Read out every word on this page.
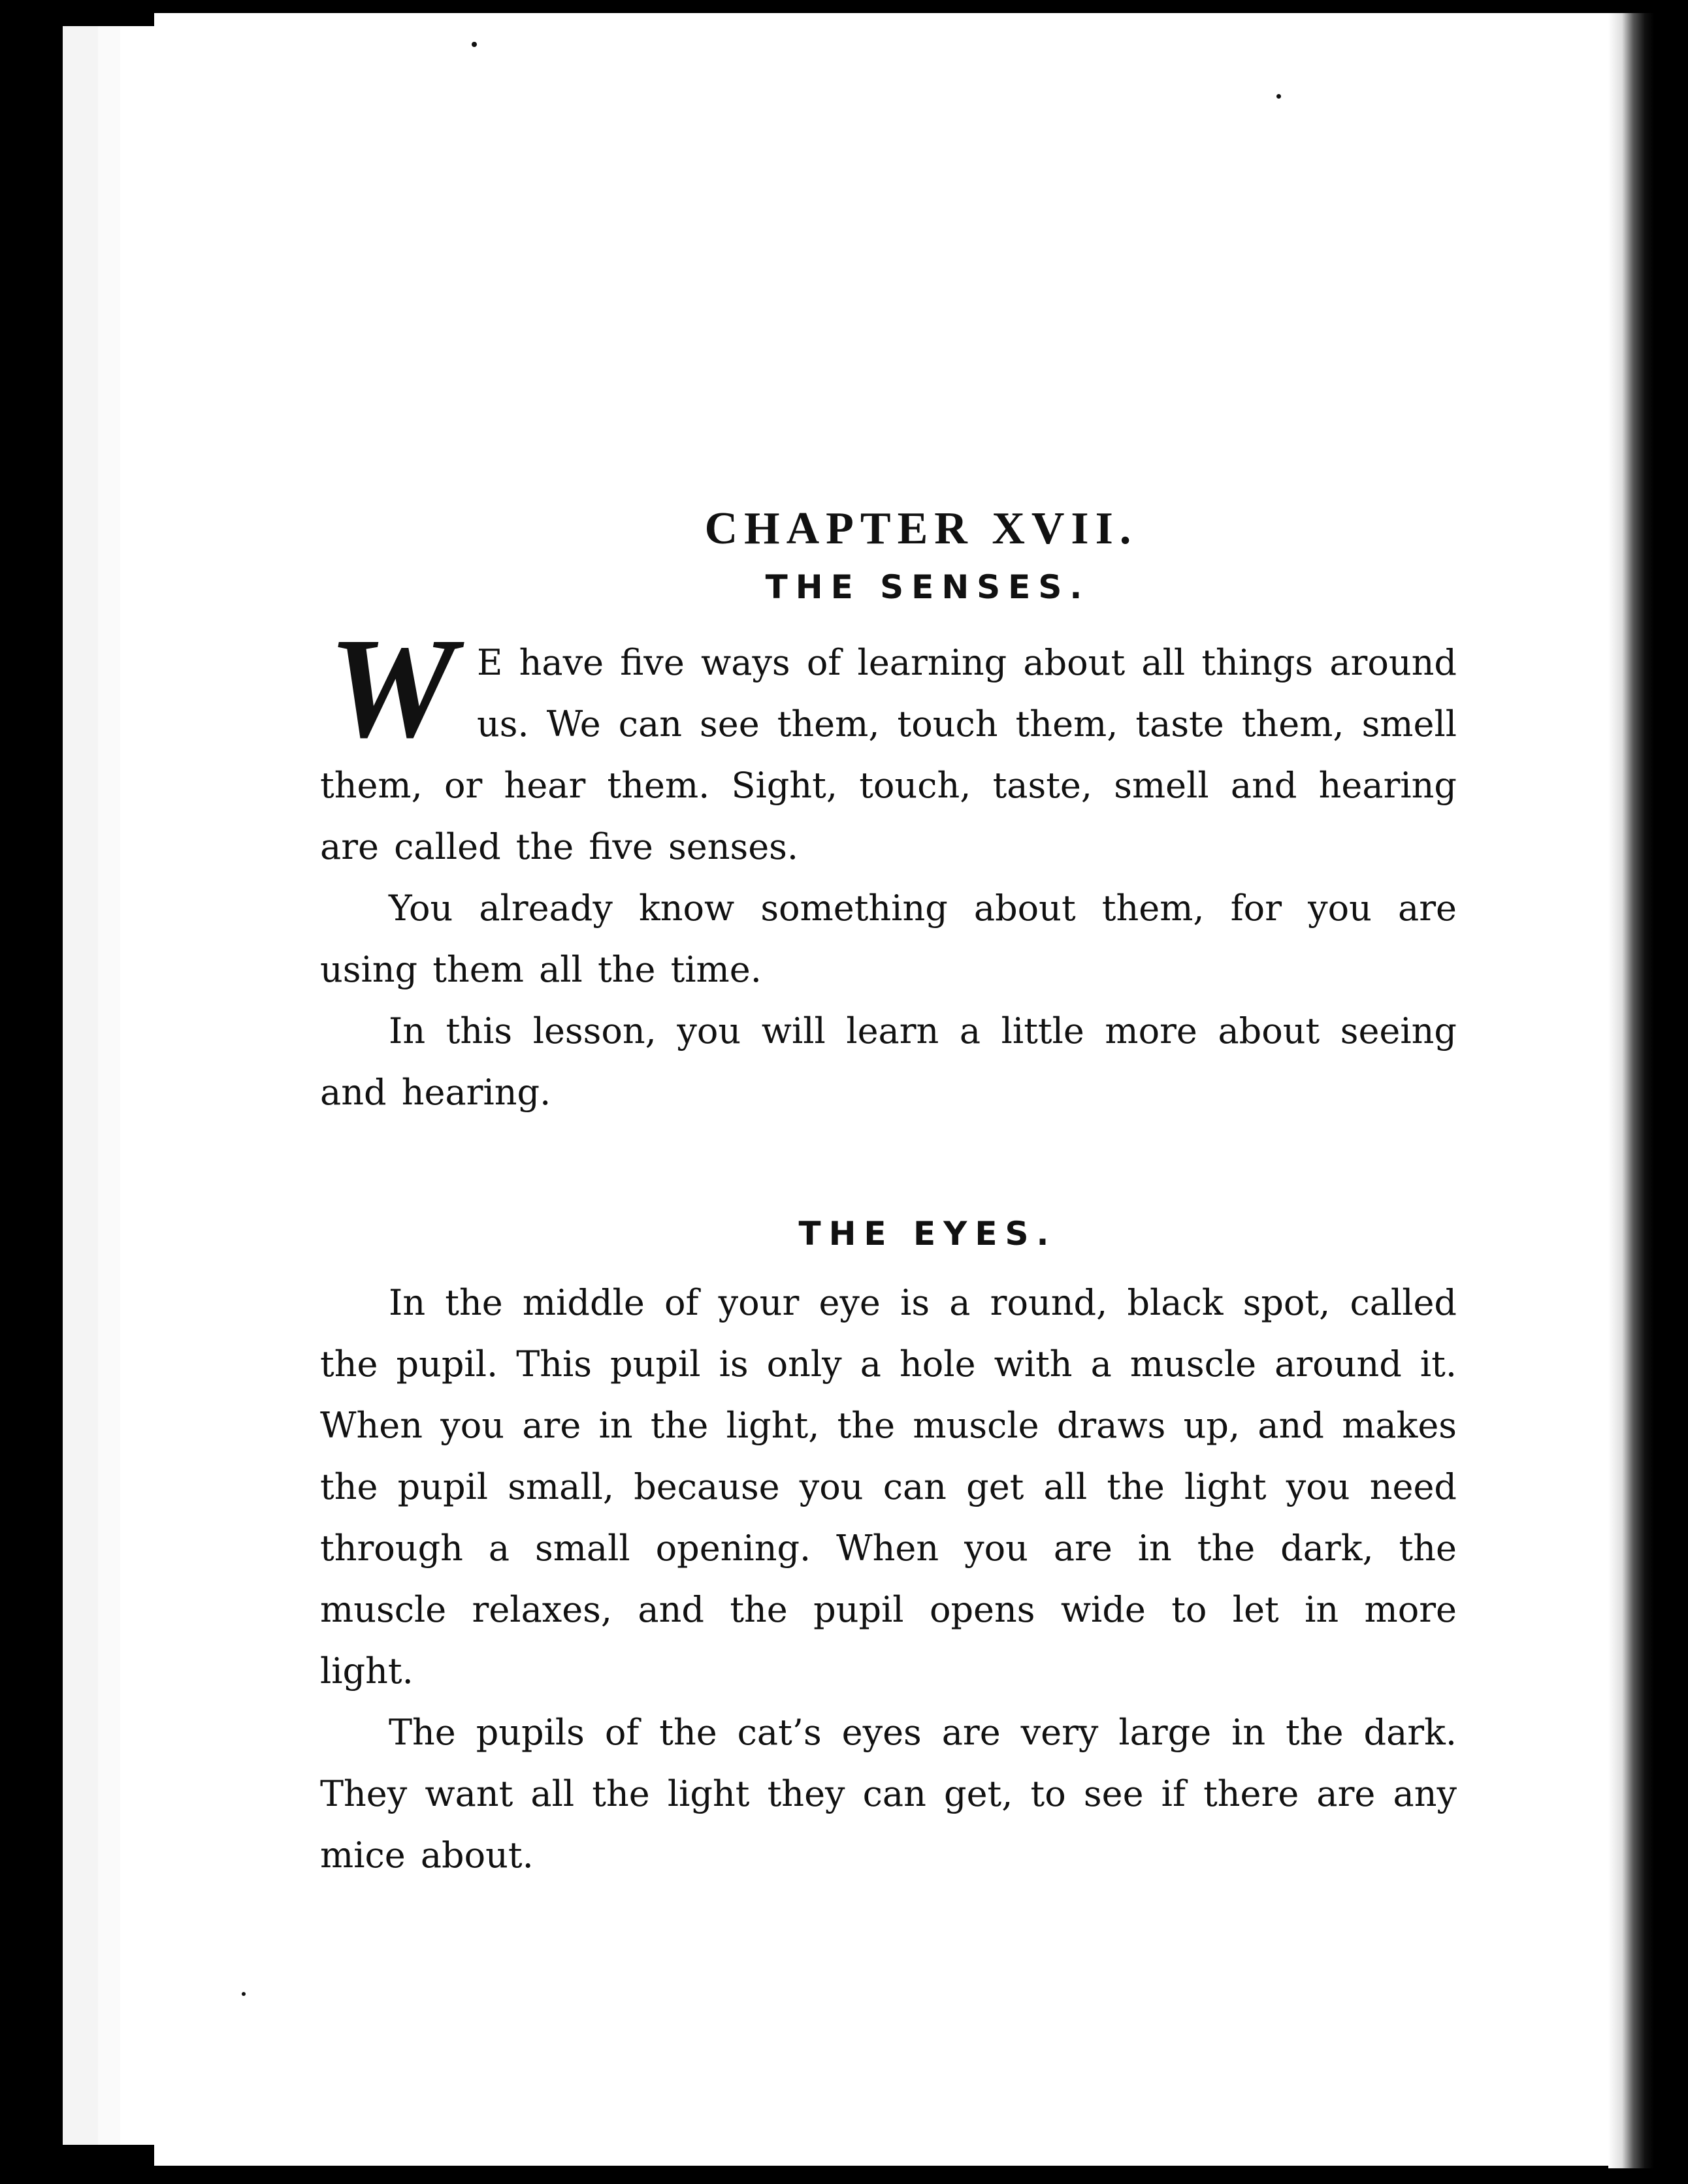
CHAPTER XVII.
THE SENSES.

W E have five ways of learning about all things around us. We can see them, touch them, taste them, smell them, or hear them. Sight, touch, taste, smell and hearing are called the five senses.

You already know something about them, for you are using them all the time.

In this lesson, you will learn a little more about seeing and hearing.

THE EYES.

In the middle of your eye is a round, black spot, called the pupil. This pupil is only a hole with a muscle around it. When you are in the light, the muscle draws up, and makes the pupil small, because you can get all the light you need through a small opening. When you are in the dark, the muscle relaxes, and the pupil opens wide to let in more light.

The pupils of the cat’s eyes are very large in the dark. They want all the light they can get, to see if there are any mice about.
